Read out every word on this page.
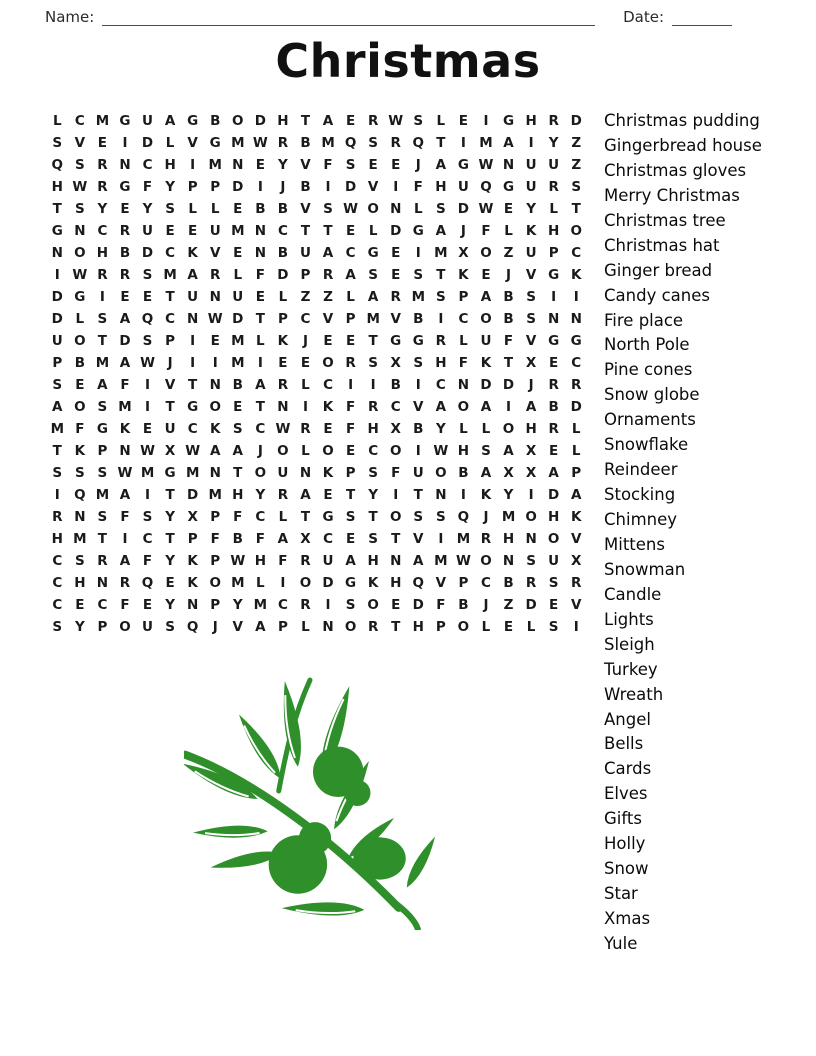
Name:	Date:
Christmas
L C M G U A G B O D H T A E R W S L	E	I	G H R D
S V E	I	D L V G M W R B M Q S R Q T	I M A	I	Y Z
Q S R N C H	I M N E Y V F S E E	J	A G W N U U Z
H W R G F Y P P D	I	J	B	I	D V	I	F H U Q G U R S
T S Y E Y S L	L	E B B V S W O N L S D W E Y L	T
G N C R U E E U M N C T T E	L D G A	J	F	L K H O
N O H B D C K V E N B U A C G E	I M X O Z U P C
I W R R S M A R L	F D P R A S E S T K E	J	V G K
D G	I	E E T U N U E	L Z Z L A R M S P A B S	I	I
D L S A Q C N W D T P C V P M V B	I	C O B S N N
U O T D S P	I	E M L K	J	E E T G G R L U F V G G
P B M A W J	I	I M I	E E O R S X S H F K T X E C
S E A F	I	V T N B A R L C	I	I	B	I	C N D D	J	R R
A O S M I	T G O E T N	I	K F R C V A O A	I	A B D
M F G K E U C K S C W R E F H X B Y L	L O H R L
T K P N W X W A A	J	O L O E C O	I W H S A X E	L
S S S W M G M N T O U N K P S F U O B A X X A P
I	Q M A	I	T D M H Y R A E T Y	I	T N	I	K Y	I	D A
R N S F S Y X P F C L	T G S T O S S Q	J M O H K
H M T	I	C T P F B F A X C E S T V	I M R H N O V
C S R A F Y K P W H F R U A H N A M W O N S U X
C H N R Q E K O M L	I	O D G K H Q V P C B R S R
C E C F E Y N P Y M C R	I	S O E D F B	J	Z D E V
S Y P O U S Q	J	V A P L N O R T H P O L	E	L S	I
Christmas pudding
Gingerbread house
Christmas gloves
Merry Christmas
Christmas tree
Christmas hat
Ginger bread
Candy canes
Fire place
North Pole
Pine cones
Snow globe
Ornaments
Snowflake
Reindeer
Stocking
Chimney
Mittens
Snowman
Candle
Lights
Sleigh
Turkey
Wreath
Angel
Bells
Cards
Elves
Gifts
Holly
Snow
Star
Xmas
Yule
